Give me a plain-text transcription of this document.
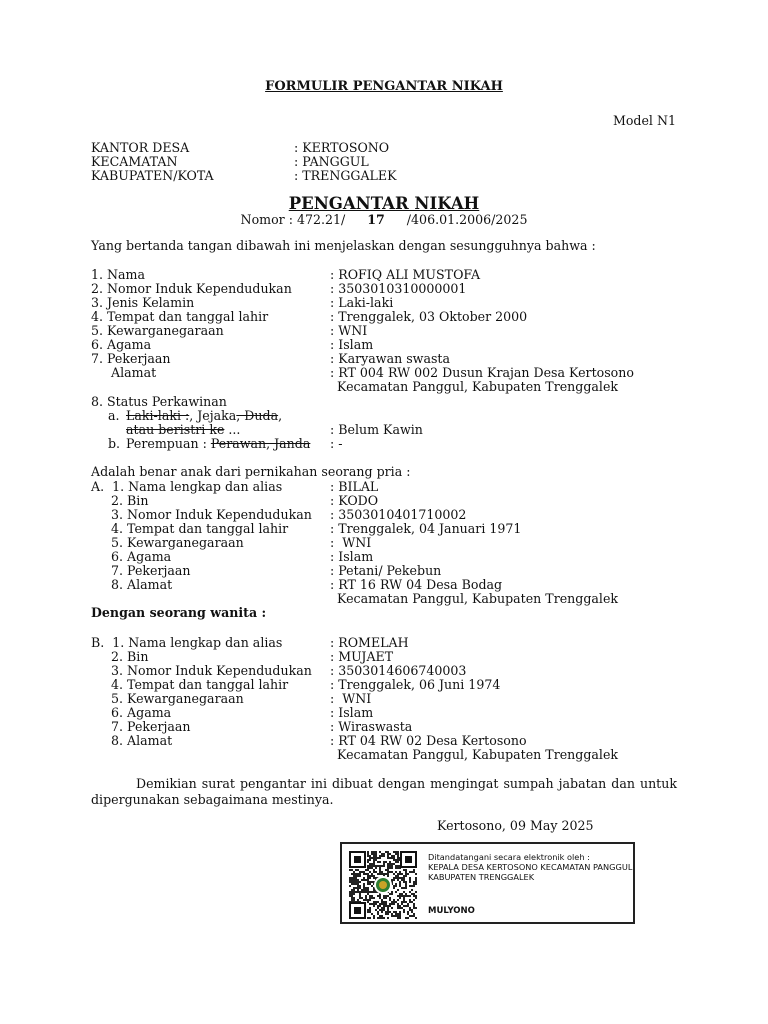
FORMULIR PENGANTAR NIKAH
Model N1
KANTOR DESA	: KERTOSONO
KECAMATAN	: PANGGUL
KABUPATEN/KOTA	: TRENGGALEK
PENGANTAR NIKAH
Nomor : 472.21/ 17 /406.01.2006/2025
Yang bertanda tangan dibawah ini menjelaskan dengan sesungguhnya bahwa :
1. Nama	: ROFIQ ALI MUSTOFA
2. Nomor Induk Kependudukan	: 3503010310000001
3. Jenis Kelamin	: Laki-laki
4. Tempat dan tanggal lahir	: Trenggalek, 03 Oktober 2000
5. Kewarganegaraan	: WNI
6. Agama	: Islam
7. Pekerjaan	: Karyawan swasta
Alamat	: RT 004 RW 002 Dusun Krajan Desa Kertosono
Kecamatan Panggul, Kabupaten Trenggalek
8. Status Perkawinan
a. Laki-laki :, Jejaka, Duda,
atau beristri ke ...	: Belum Kawin
b. Perempuan : Perawan, Janda : -
Adalah benar anak dari pernikahan seorang pria :
A.  1. Nama lengkap dan alias	: BILAL
2. Bin	: KODO
3. Nomor Induk Kependudukan : 3503010401710002
4. Tempat dan tanggal lahir	: Trenggalek, 04 Januari 1971
5. Kewarganegaraan	:  WNI
6. Agama	: Islam
7. Pekerjaan	: Petani/ Pekebun
8. Alamat	: RT 16 RW 04 Desa Bodag
Kecamatan Panggul, Kabupaten Trenggalek
Dengan seorang wanita :
B.  1. Nama lengkap dan alias	: ROMELAH
2. Bin	: MUJAET
3. Nomor Induk Kependudukan : 3503014606740003
4. Tempat dan tanggal lahir	: Trenggalek, 06 Juni 1974
5. Kewarganegaraan	:  WNI
6. Agama	: Islam
7. Pekerjaan	: Wiraswasta
8. Alamat	: RT 04 RW 02 Desa Kertosono
Kecamatan Panggul, Kabupaten Trenggalek
Demikian surat pengantar ini dibuat dengan mengingat sumpah jabatan dan untuk dipergunakan sebagaimana mestinya.
Kertosono, 09 May 2025
Ditandatangani secara elektronik oleh :
KEPALA DESA KERTOSONO KECAMATAN PANGGUL
KABUPATEN TRENGGALEK
MULYONO
